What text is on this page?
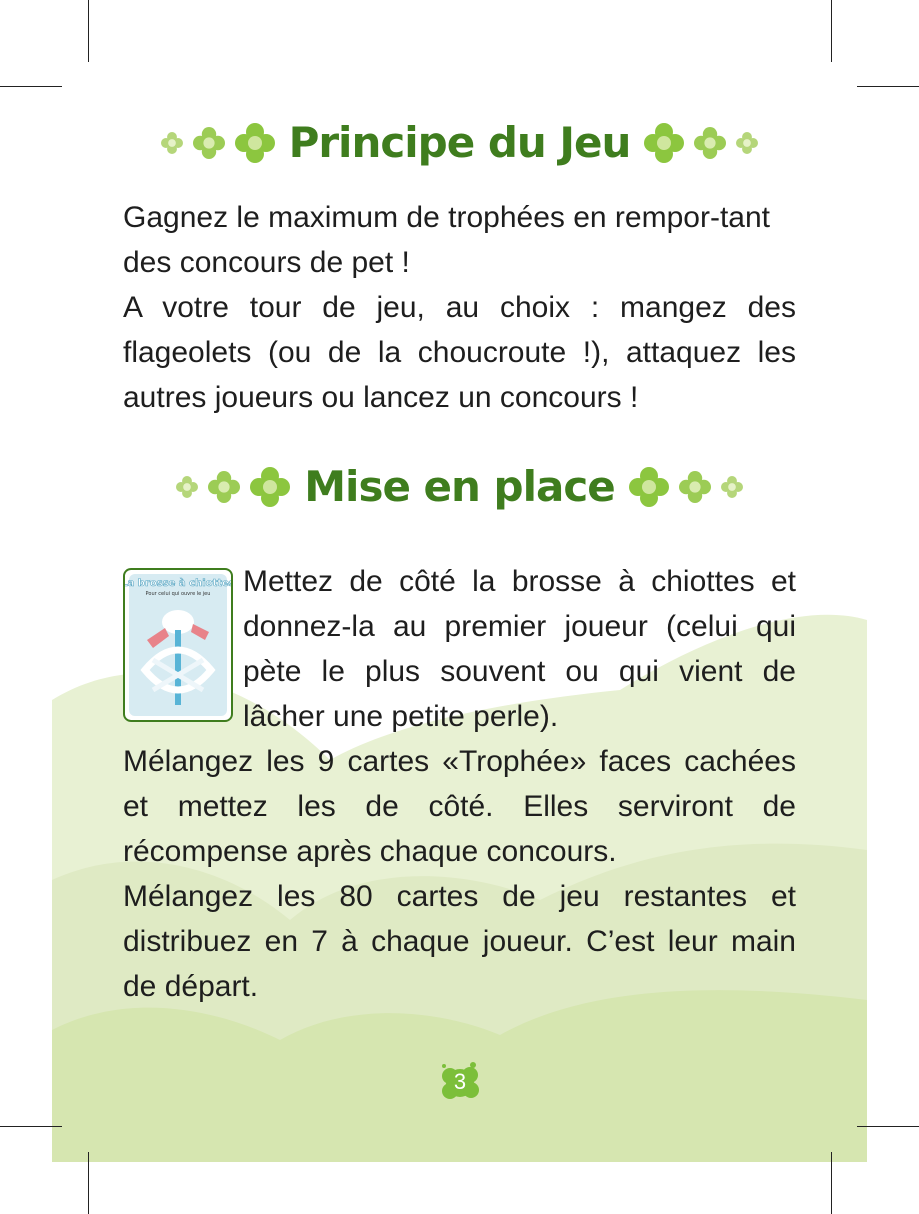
Principe du Jeu

Gagnez le maximum de trophées en rempor-tant des concours de pet !

A votre tour de jeu, au choix : mangez des flageolets (ou de la choucroute !), attaquez les autres joueurs ou lancez un concours !

Mise en place
La brosse à chiottes
Pour celui qui ouvre le jeu Mettez de côté la brosse à chiottes et donnez-la au premier joueur (celui qui pète le plus souvent ou qui vient de lâcher une petite perle).

Mélangez les 9 cartes «Trophée» faces cachées et mettez les de côté. Elles serviront de récompense après chaque concours.

Mélangez les 80 cartes de jeu restantes et distribuez en 7 à chaque joueur. C’est leur main de départ.

3
